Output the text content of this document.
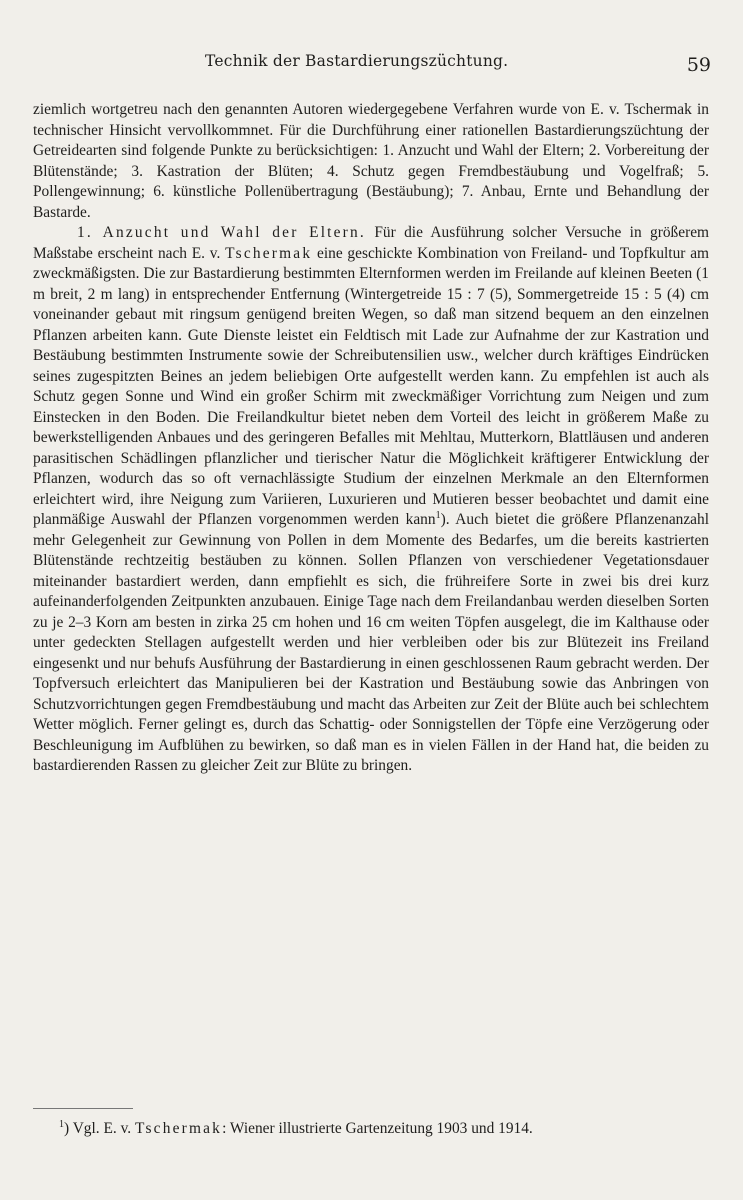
Technik der Bastardierungszüchtung.	59

ziemlich wortgetreu nach den genannten Autoren wiedergegebene Verfahren wurde von E. v. Tschermak in technischer Hinsicht vervollkommnet. Für die Durchführung einer rationellen Bastardierungszüchtung der Getreidearten sind folgende Punkte zu berücksichtigen: 1. Anzucht und Wahl der Eltern; 2. Vorbereitung der Blütenstände; 3. Kastration der Blüten; 4. Schutz gegen Fremdbestäubung und Vogelfraß; 5. Pollengewinnung; 6. künstliche Pollenübertragung (Bestäubung); 7. Anbau, Ernte und Behandlung der Bastarde.

1. Anzucht und Wahl der Eltern. Für die Ausführung solcher Versuche in größerem Maßstabe erscheint nach E. v. Tschermak eine geschickte Kombination von Freiland- und Topfkultur am zweckmäßigsten. Die zur Bastardierung bestimmten Elternformen werden im Freilande auf kleinen Beeten (1 m breit, 2 m lang) in entsprechender Entfernung (Wintergetreide 15 : 7 (5), Sommergetreide 15 : 5 (4) cm voneinander gebaut mit ringsum genügend breiten Wegen, so daß man sitzend bequem an den einzelnen Pflanzen arbeiten kann. Gute Dienste leistet ein Feldtisch mit Lade zur Aufnahme der zur Kastration und Bestäubung bestimmten Instrumente sowie der Schreibutensilien usw., welcher durch kräftiges Eindrücken seines zugespitzten Beines an jedem beliebigen Orte aufgestellt werden kann. Zu empfehlen ist auch als Schutz gegen Sonne und Wind ein großer Schirm mit zweckmäßiger Vorrichtung zum Neigen und zum Einstecken in den Boden. Die Freilandkultur bietet neben dem Vorteil des leicht in größerem Maße zu bewerkstelligenden Anbaues und des geringeren Befalles mit Mehltau, Mutterkorn, Blattläusen und anderen parasitischen Schädlingen pflanzlicher und tierischer Natur die Möglichkeit kräftigerer Entwicklung der Pflanzen, wodurch das so oft vernachlässigte Studium der einzelnen Merkmale an den Elternformen erleichtert wird, ihre Neigung zum Variieren, Luxurieren und Mutieren besser beobachtet und damit eine planmäßige Auswahl der Pflanzen vorgenommen werden kann$^1$). Auch bietet die größere Pflanzenanzahl mehr Gelegenheit zur Gewinnung von Pollen in dem Momente des Bedarfes, um die bereits kastrierten Blütenstände rechtzeitig bestäuben zu können. Sollen Pflanzen von verschiedener Vegetationsdauer miteinander bastardiert werden, dann empfiehlt es sich, die frühreifere Sorte in zwei bis drei kurz aufeinanderfolgenden Zeitpunkten anzubauen. Einige Tage nach dem Freilandanbau werden dieselben Sorten zu je 2–3 Korn am besten in zirka 25 cm hohen und 16 cm weiten Töpfen ausgelegt, die im Kalthause oder unter gedeckten Stellagen aufgestellt werden und hier verbleiben oder bis zur Blütezeit ins Freiland eingesenkt und nur behufs Ausführung der Bastardierung in einen geschlossenen Raum gebracht werden. Der Topfversuch erleichtert das Manipulieren bei der Kastration und Bestäubung sowie das Anbringen von Schutzvorrichtungen gegen Fremdbestäubung und macht das Arbeiten zur Zeit der Blüte auch bei schlechtem Wetter möglich. Ferner gelingt es, durch das Schattig- oder Sonnigstellen der Töpfe eine Verzögerung oder Beschleunigung im Aufblühen zu bewirken, so daß man es in vielen Fällen in der Hand hat, die beiden zu bastardierenden Rassen zu gleicher Zeit zur Blüte zu bringen.

$^1$) Vgl. E. v. Tschermak: Wiener illustrierte Gartenzeitung 1903 und 1914.
